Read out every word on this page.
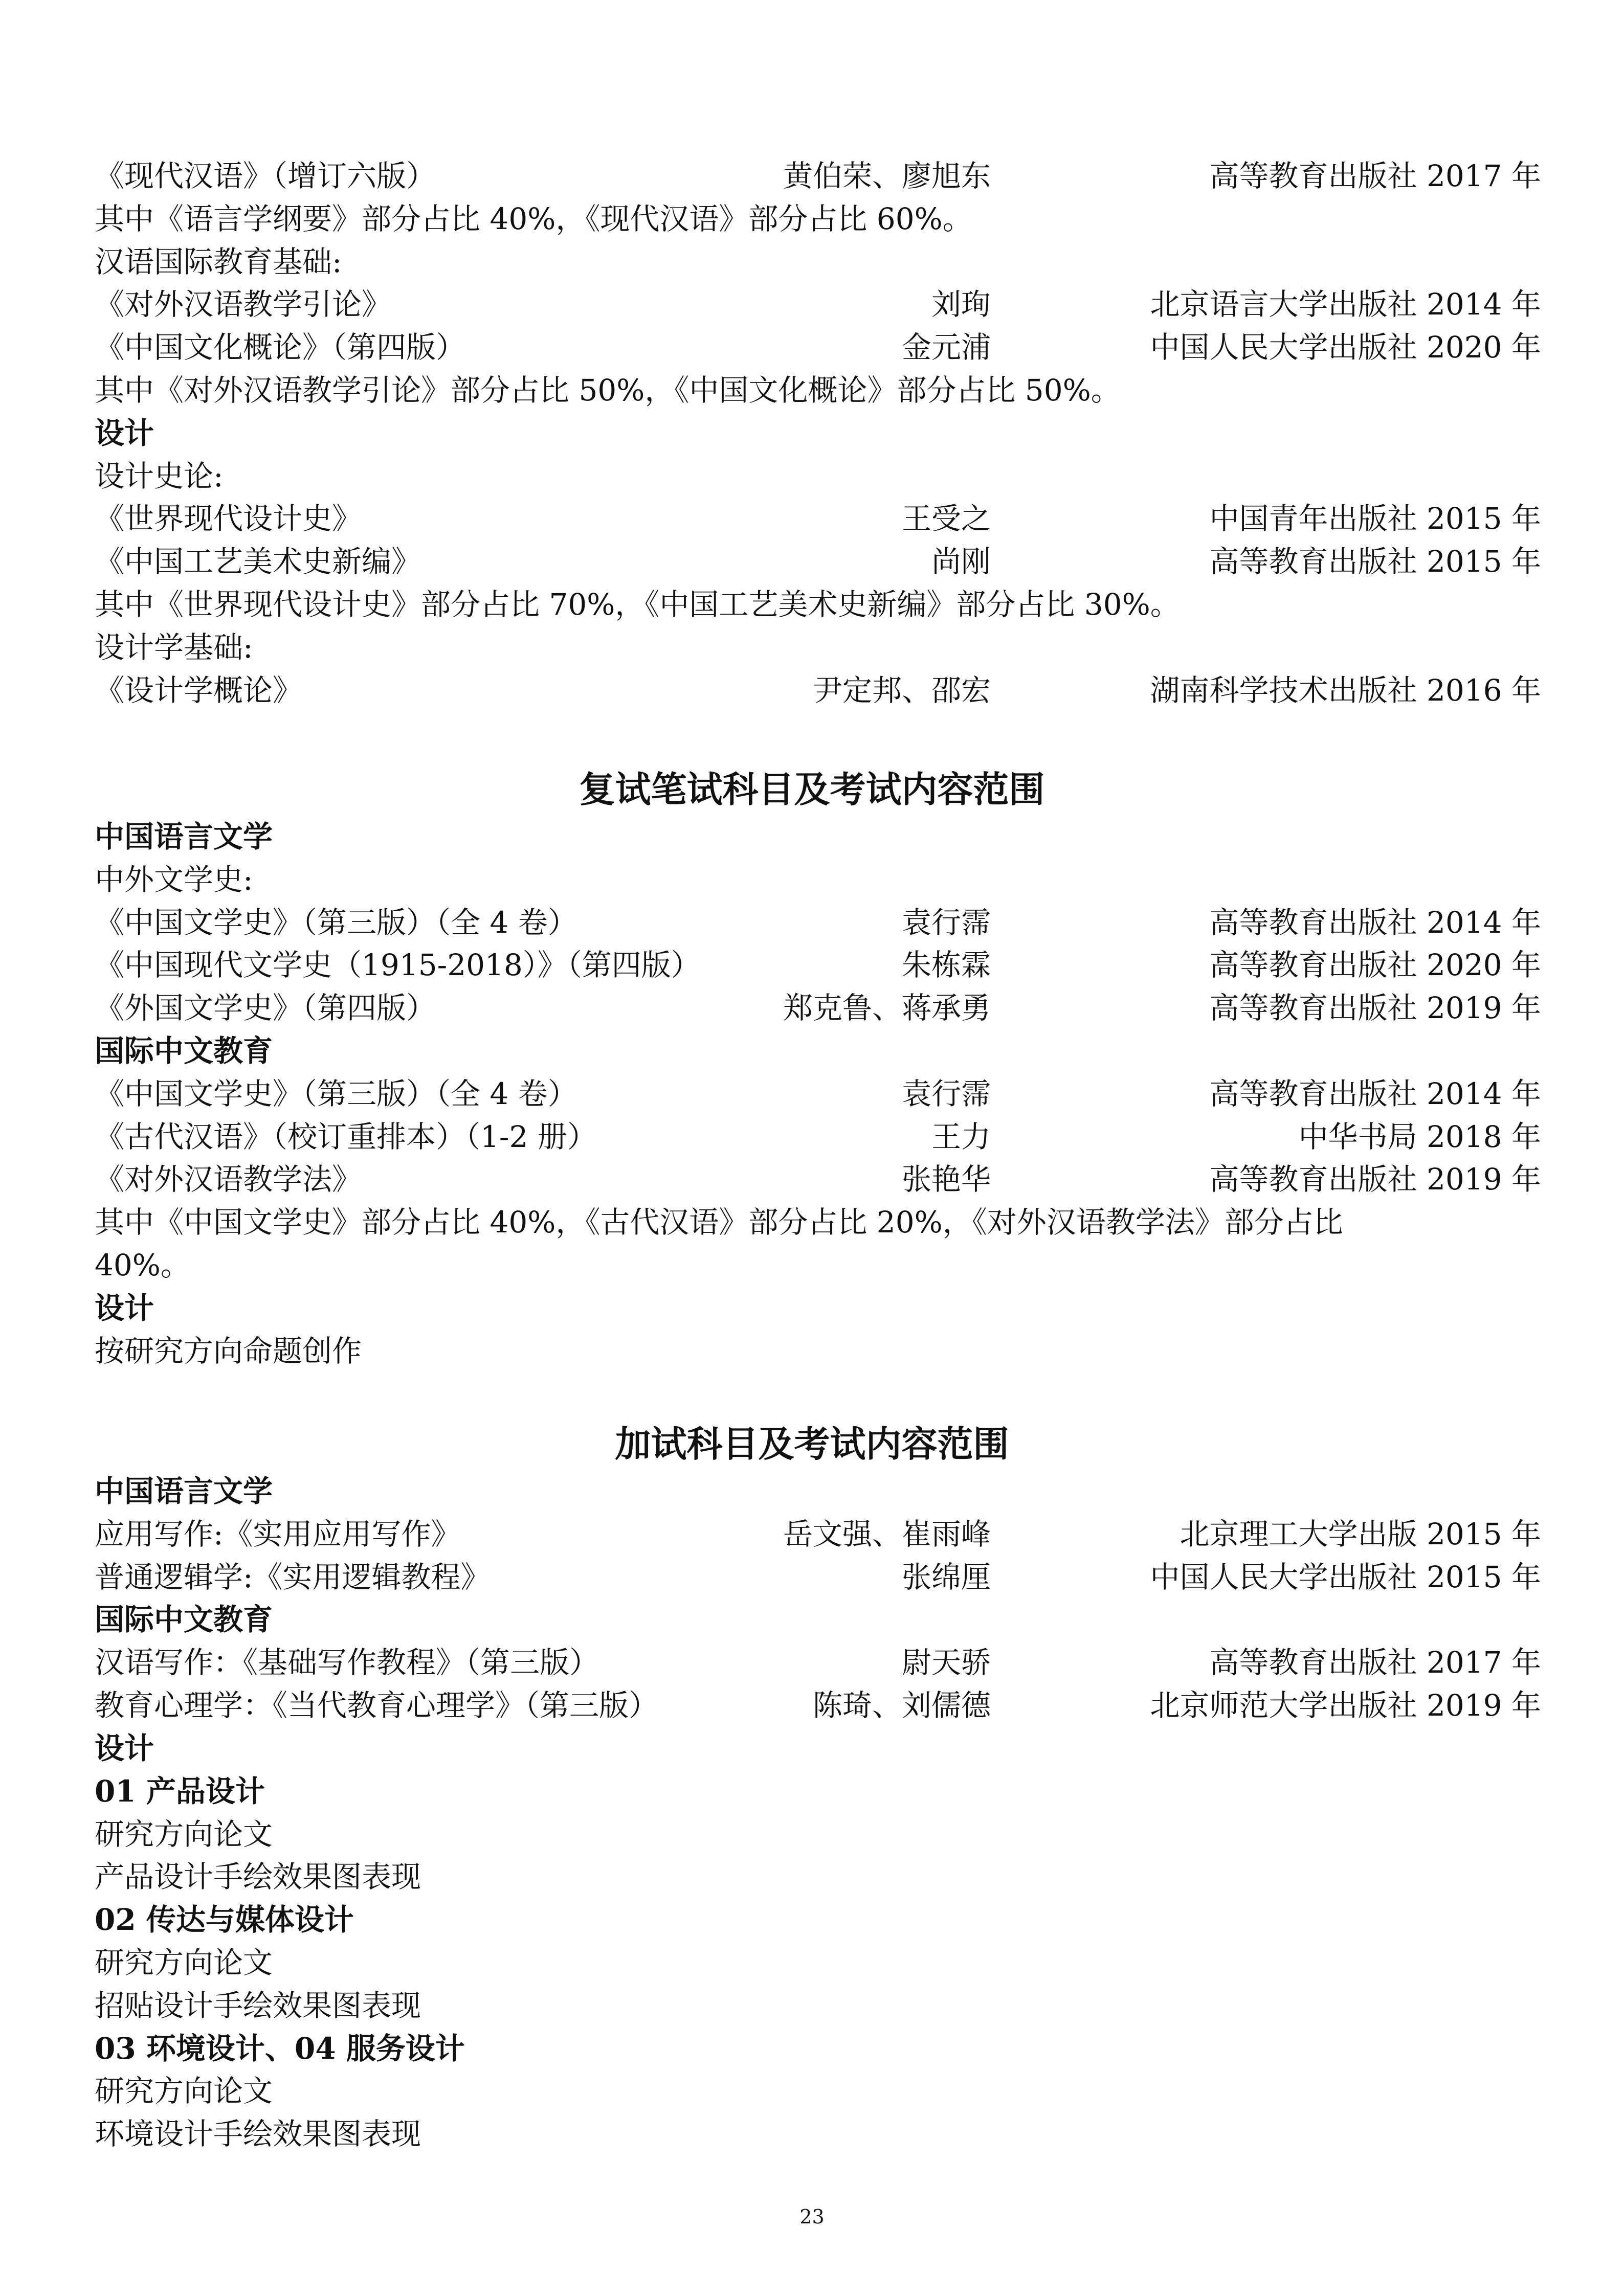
《现代汉语》（增订六版）	黄伯荣、廖旭东	高等教育出版社 2017 年
其中《语言学纲要》部分占比 40%，《现代汉语》部分占比 60%。
汉语国际教育基础:
《对外汉语教学引论》	刘珣	北京语言大学出版社 2014 年
《中国文化概论》（第四版）	金元浦	中国人民大学出版社 2020 年
其中《对外汉语教学引论》部分占比 50%，《中国文化概论》部分占比 50%。
设计
设计史论:
《世界现代设计史》	王受之	中国青年出版社 2015 年
《中国工艺美术史新编》	尚刚	高等教育出版社 2015 年
其中《世界现代设计史》部分占比 70%，《中国工艺美术史新编》部分占比 30%。
设计学基础:
《设计学概论》	尹定邦、邵宏	湖南科学技术出版社 2016 年
复试笔试科目及考试内容范围
中国语言文学
中外文学史:
《中国文学史》（第三版）（全 4 卷）	袁行霈	高等教育出版社 2014 年
《中国现代文学史（1915-2018）》（第四版）	朱栋霖	高等教育出版社 2020 年
《外国文学史》（第四版）	郑克鲁、蒋承勇	高等教育出版社 2019 年
国际中文教育
《中国文学史》（第三版）（全 4 卷）	袁行霈	高等教育出版社 2014 年
《古代汉语》（校订重排本）（1-2 册）	王力	中华书局 2018 年
《对外汉语教学法》	张艳华	高等教育出版社 2019 年
其中《中国文学史》部分占比 40%，《古代汉语》部分占比 20%，《对外汉语教学法》部分占比
40%。
设计
按研究方向命题创作
加试科目及考试内容范围
中国语言文学
应用写作:《实用应用写作》	岳文强、崔雨峰	北京理工大学出版 2015 年
普通逻辑学:《实用逻辑教程》	张绵厘	中国人民大学出版社 2015 年
国际中文教育
汉语写作：《基础写作教程》（第三版）	尉天骄	高等教育出版社 2017 年
教育心理学：《当代教育心理学》（第三版）	陈琦、刘儒德	北京师范大学出版社 2019 年
设计
01 产品设计
研究方向论文
产品设计手绘效果图表现
02 传达与媒体设计
研究方向论文
招贴设计手绘效果图表现
03 环境设计、04 服务设计
研究方向论文
环境设计手绘效果图表现
23
